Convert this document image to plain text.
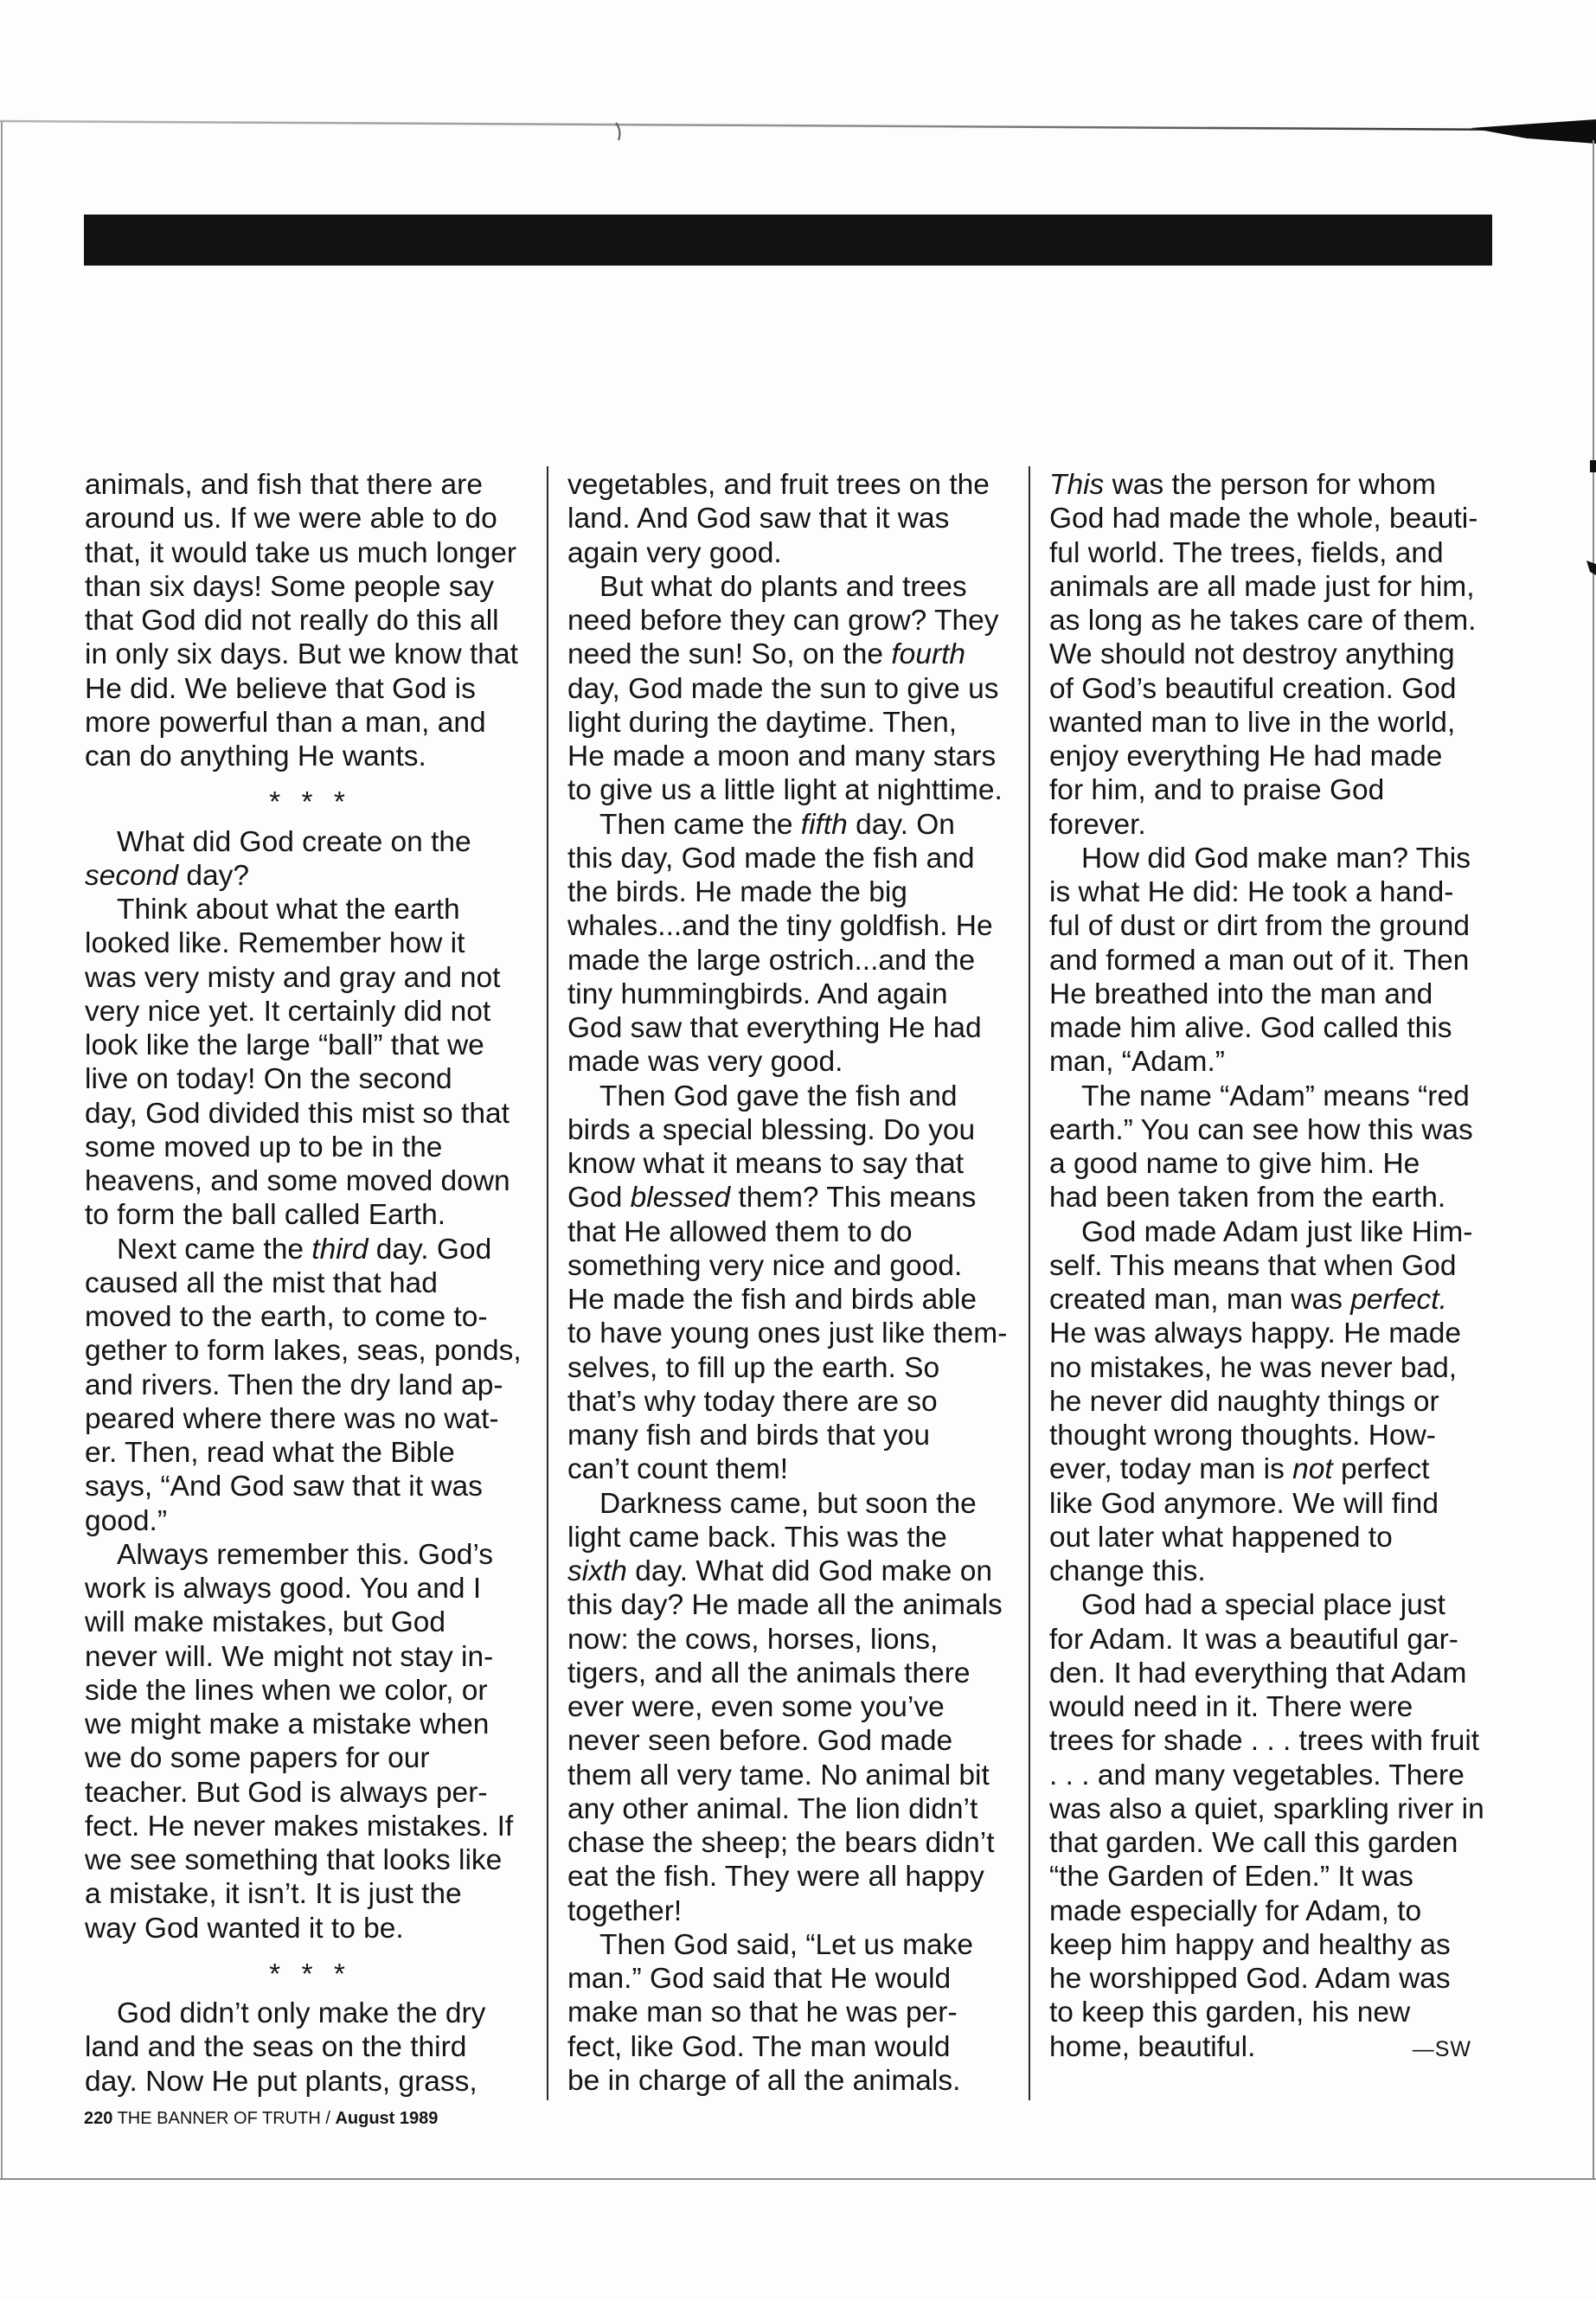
animals, and fish that there are
around us. If we were able to do
that, it would take us much longer
than six days! Some people say
that God did not really do this all
in only six days. But we know that
He did. We believe that God is
more powerful than a man, and
can do anything He wants.
* * *
What did God create on the
second day?
Think about what the earth
looked like. Remember how it
was very misty and gray and not
very nice yet. It certainly did not
look like the large “ball” that we
live on today! On the second
day, God divided this mist so that
some moved up to be in the
heavens, and some moved down
to form the ball called Earth.
Next came the third day. God
caused all the mist that had
moved to the earth, to come to-
gether to form lakes, seas, ponds,
and rivers. Then the dry land ap-
peared where there was no wat-
er. Then, read what the Bible
says, “And God saw that it was
good.”
Always remember this. God’s
work is always good. You and I
will make mistakes, but God
never will. We might not stay in-
side the lines when we color, or
we might make a mistake when
we do some papers for our
teacher. But God is always per-
fect. He never makes mistakes. If
we see something that looks like
a mistake, it isn’t. It is just the
way God wanted it to be.
* * *
God didn’t only make the dry
land and the seas on the third
day. Now He put plants, grass,
vegetables, and fruit trees on the
land. And God saw that it was
again very good.
But what do plants and trees
need before they can grow? They
need the sun! So, on the fourth
day, God made the sun to give us
light during the daytime. Then,
He made a moon and many stars
to give us a little light at nighttime.
Then came the fifth day. On
this day, God made the fish and
the birds. He made the big
whales...and the tiny goldfish. He
made the large ostrich...and the
tiny hummingbirds. And again
God saw that everything He had
made was very good.
Then God gave the fish and
birds a special blessing. Do you
know what it means to say that
God blessed them? This means
that He allowed them to do
something very nice and good.
He made the fish and birds able
to have young ones just like them-
selves, to fill up the earth. So
that’s why today there are so
many fish and birds that you
can’t count them!
Darkness came, but soon the
light came back. This was the
sixth day. What did God make on
this day? He made all the animals
now: the cows, horses, lions,
tigers, and all the animals there
ever were, even some you’ve
never seen before. God made
them all very tame. No animal bit
any other animal. The lion didn’t
chase the sheep; the bears didn’t
eat the fish. They were all happy
together!
Then God said, “Let us make
man.” God said that He would
make man so that he was per-
fect, like God. The man would
be in charge of all the animals.
This was the person for whom
God had made the whole, beauti-
ful world. The trees, fields, and
animals are all made just for him,
as long as he takes care of them.
We should not destroy anything
of God’s beautiful creation. God
wanted man to live in the world,
enjoy everything He had made
for him, and to praise God
forever.
How did God make man? This
is what He did: He took a hand-
ful of dust or dirt from the ground
and formed a man out of it. Then
He breathed into the man and
made him alive. God called this
man, “Adam.”
The name “Adam” means “red
earth.” You can see how this was
a good name to give him. He
had been taken from the earth.
God made Adam just like Him-
self. This means that when God
created man, man was perfect.
He was always happy. He made
no mistakes, he was never bad,
he never did naughty things or
thought wrong thoughts. How-
ever, today man is not perfect
like God anymore. We will find
out later what happened to
change this.
God had a special place just
for Adam. It was a beautiful gar-
den. It had everything that Adam
would need in it. There were
trees for shade . . . trees with fruit
. . . and many vegetables. There
was also a quiet, sparkling river in
that garden. We call this garden
“the Garden of Eden.” It was
made especially for Adam, to
keep him happy and healthy as
he worshipped God. Adam was
to keep this garden, his new
home, beautiful.	—SW
220 THE BANNER OF TRUTH / August 1989
